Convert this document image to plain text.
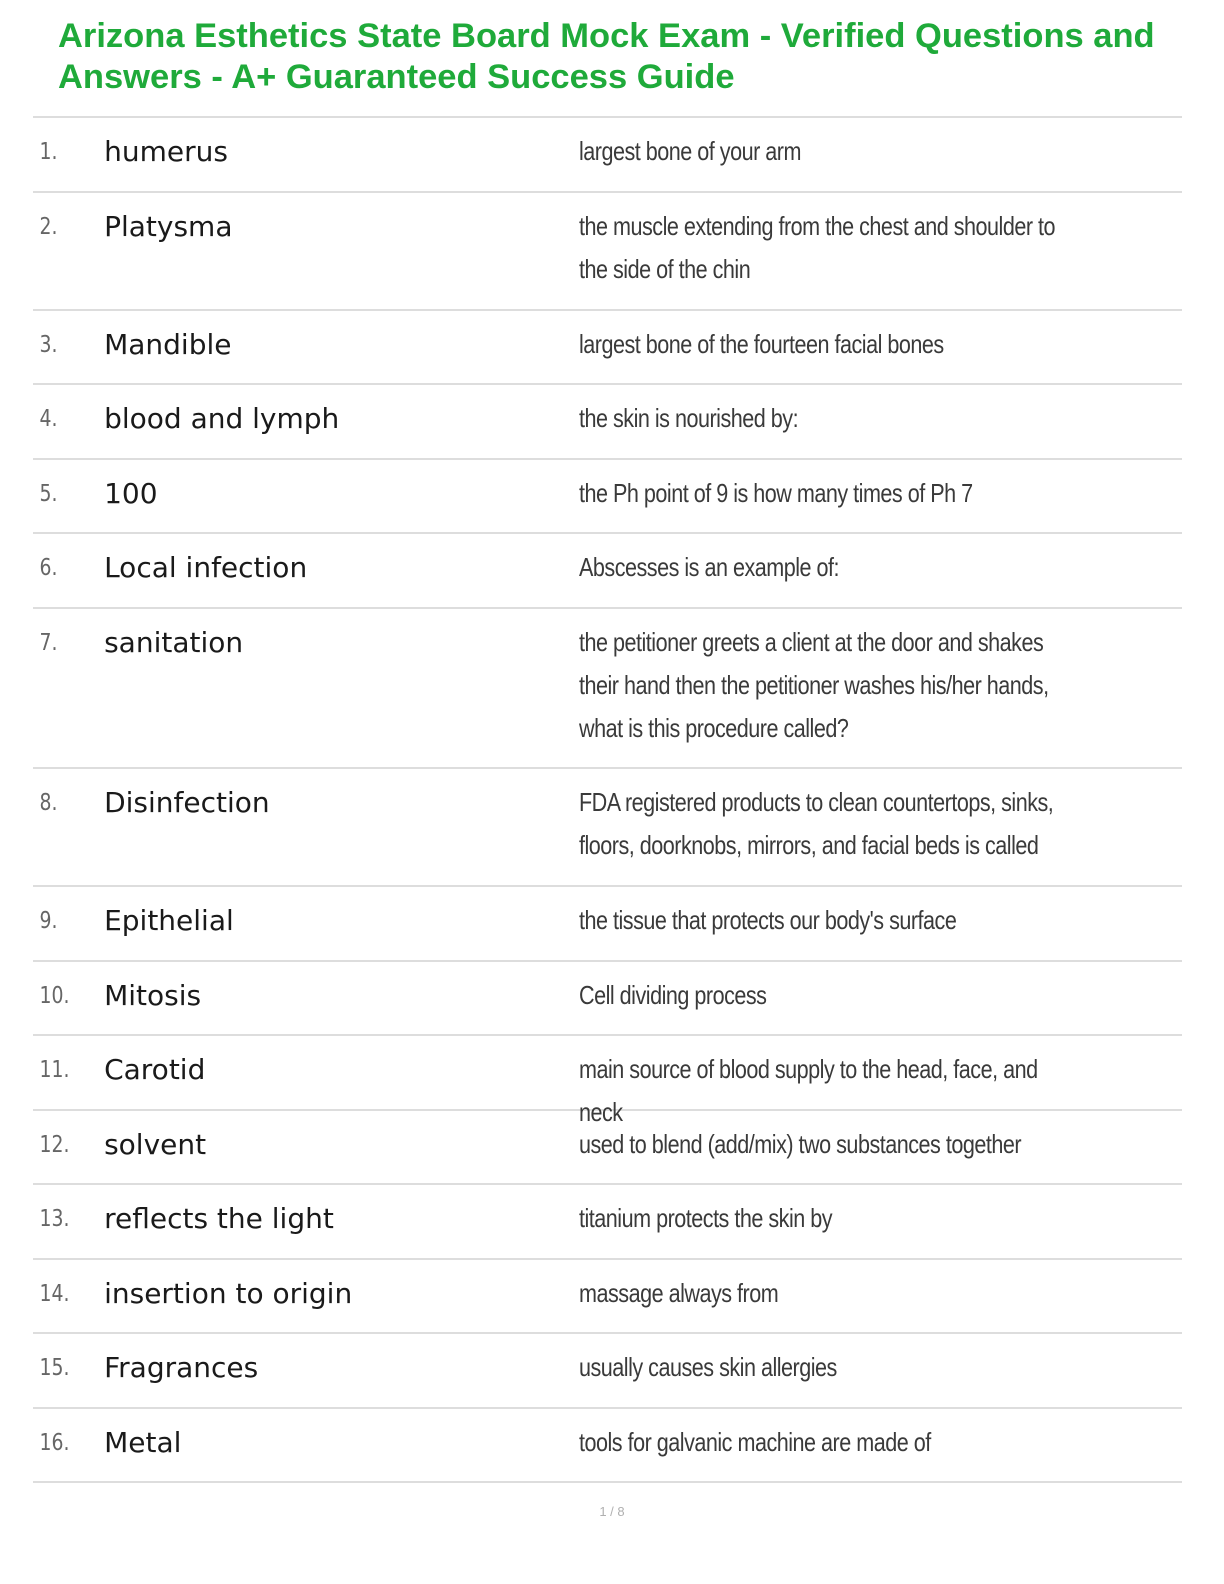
Arizona Esthetics State Board Mock Exam - Verified Questions and Answers - A+ Guaranteed Success Guide
1.	humerus	largest bone of your arm
2.	Platysma	the muscle extending from the chest and shoulder to the side of the chin
3.	Mandible	largest bone of the fourteen facial bones
4.	blood and lymph	the skin is nourished by:
5.	100	the Ph point of 9 is how many times of Ph 7
6.	Local infection	Abscesses is an example of:
7.	sanitation	the petitioner greets a client at the door and shakes their hand then the petitioner washes his/her hands, what is this procedure called?
8.	Disinfection	FDA registered products to clean countertops, sinks, floors, doorknobs, mirrors, and facial beds is called
9.	Epithelial	the tissue that protects our body's surface
10.	Mitosis	Cell dividing process
11.	Carotid	main source of blood supply to the head, face, and neck
12.	solvent	used to blend (add/mix) two substances together
13.	reflects the light	titanium protects the skin by
14.	insertion to origin	massage always from
15.	Fragrances	usually causes skin allergies
16.	Metal	tools for galvanic machine are made of
1 / 8
